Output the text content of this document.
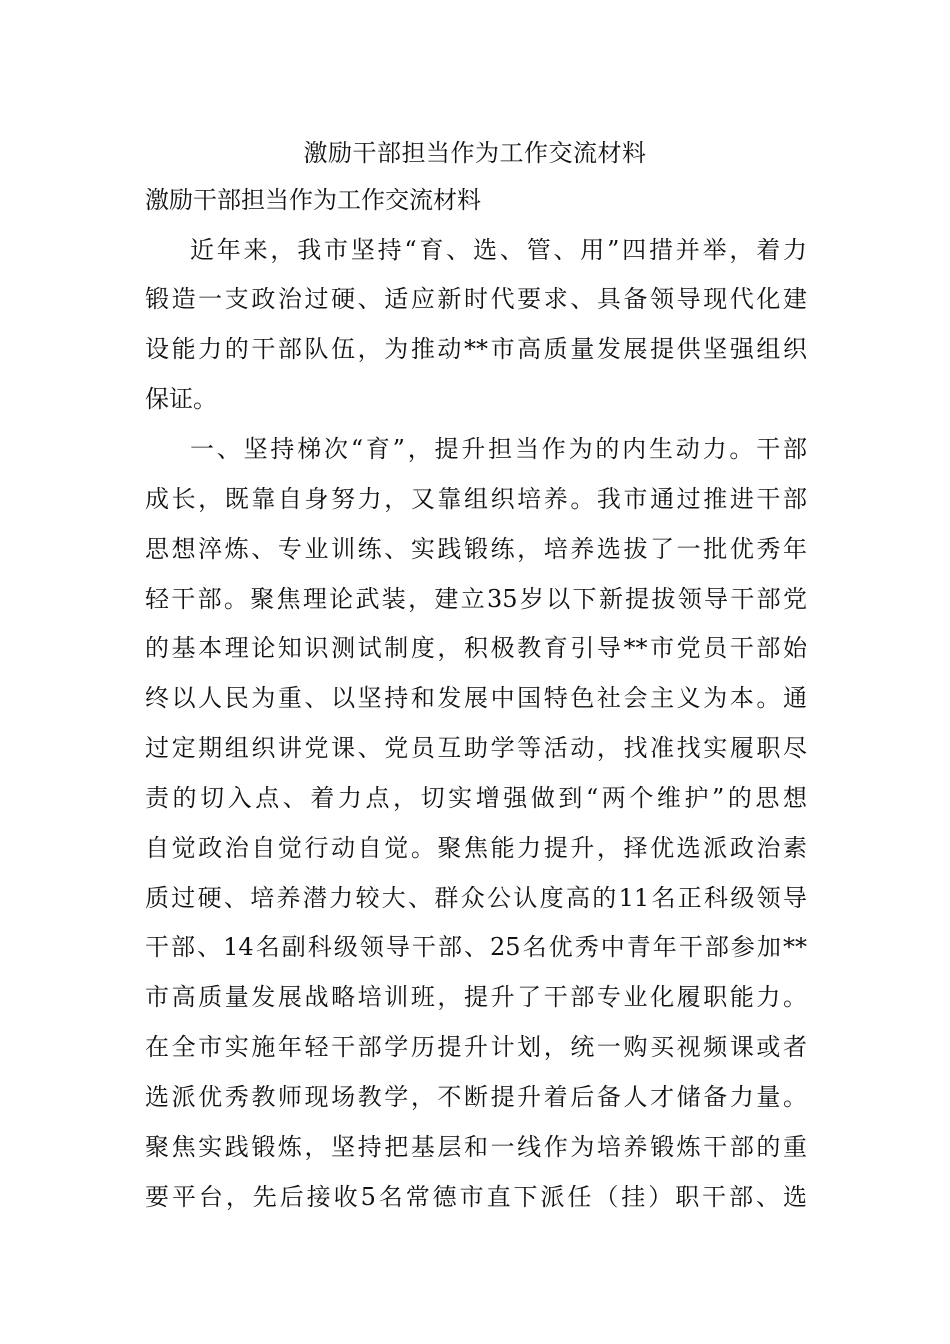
激励干部担当作为工作交流材料
激励干部担当作为工作交流材料
近年来，我市坚持“育、选、管、用”四措并举，着力
锻造一支政治过硬、适应新时代要求、具备领导现代化建
设能力的干部队伍，为推动**市高质量发展提供坚强组织
保证。
一、坚持梯次“育”，提升担当作为的内生动力。干部
成长，既靠自身努力，又靠组织培养。我市通过推进干部
思想淬炼、专业训练、实践锻练，培养选拔了一批优秀年
轻干部。聚焦理论武装，建立35岁以下新提拔领导干部党
的基本理论知识测试制度，积极教育引导**市党员干部始
终以人民为重、以坚持和发展中国特色社会主义为本。通
过定期组织讲党课、党员互助学等活动，找准找实履职尽
责的切入点、着力点，切实增强做到“两个维护”的思想
自觉政治自觉行动自觉。聚焦能力提升，择优选派政治素
质过硬、培养潜力较大、群众公认度高的11名正科级领导
干部、14名副科级领导干部、25名优秀中青年干部参加**
市高质量发展战略培训班，提升了干部专业化履职能力。
在全市实施年轻干部学历提升计划，统一购买视频课或者
选派优秀教师现场教学，不断提升着后备人才储备力量。
聚焦实践锻炼，坚持把基层和一线作为培养锻炼干部的重
要平台，先后接收5名常德市直下派任（挂）职干部、选
